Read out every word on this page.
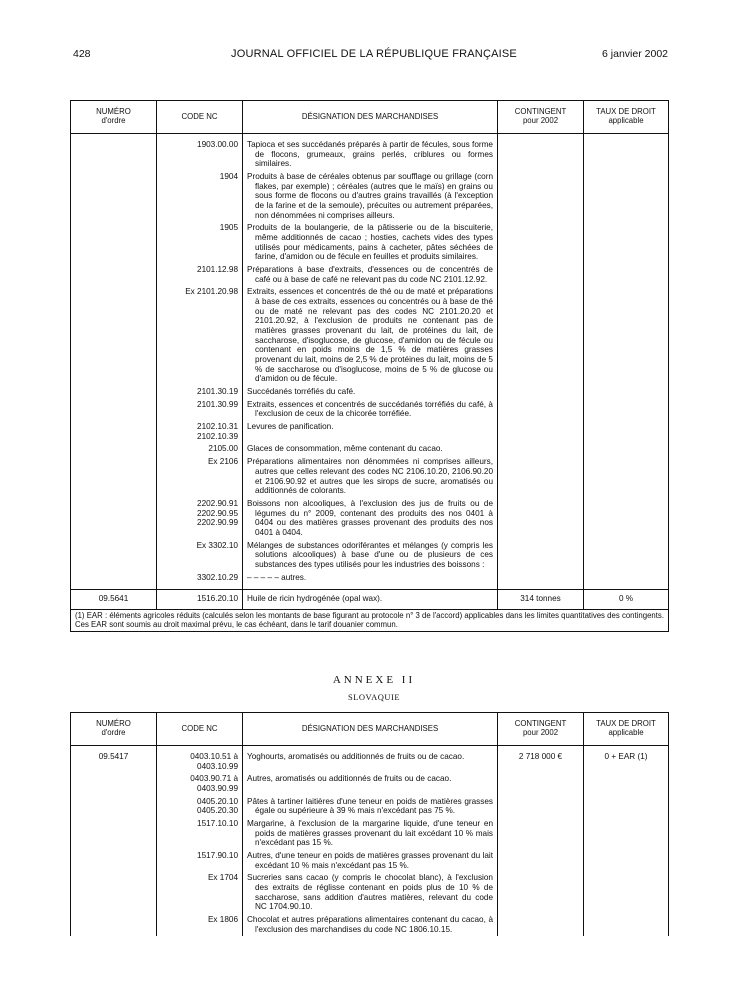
428	JOURNAL OFFICIEL DE LA RÉPUBLIQUE FRANÇAISE	6 janvier 2002
NUMÉRO
d'ordre	CODE NC	DÉSIGNATION DES MARCHANDISES	CONTINGENT
pour 2002	TAUX DE DROIT
applicable

	1903.00.00	Tapioca et ses succédanés préparés à partir de fécules, sous forme de flocons, grumeaux, grains perlés, criblures ou formes similaires.		

	1904	Produits à base de céréales obtenus par soufflage ou grillage (corn flakes, par exemple) ; céréales (autres que le maïs) en grains ou sous forme de flocons ou d'autres grains travaillés (à l'exception de la farine et de la semoule), précuites ou autrement préparées, non dénommées ni comprises ailleurs.		

	1905	Produits de la boulangerie, de la pâtisserie ou de la biscuiterie, même additionnés de cacao ; hosties, cachets vides des types utilisés pour médicaments, pains à cacheter, pâtes séchées de farine, d'amidon ou de fécule en feuilles et produits similaires.		

	2101.12.98	Préparations à base d'extraits, d'essences ou de concentrés de café ou à base de café ne relevant pas du code NC 2101.12.92.		

	Ex 2101.20.98	Extraits, essences et concentrés de thé ou de maté et préparations à base de ces extraits, essences ou concentrés ou à base de thé ou de maté ne relevant pas des codes NC 2101.20.20 et 2101.20.92, à l'exclusion de produits ne contenant pas de matières grasses provenant du lait, de protéines du lait, de saccharose, d'isoglucose, de glucose, d'amidon ou de fécule ou contenant en poids moins de 1,5 % de matières grasses provenant du lait, moins de 2,5 % de protéines du lait, moins de 5 % de saccharose ou d'isoglucose, moins de 5 % de glucose ou d'amidon ou de fécule.		

	2101.30.19	Succédanés torréfiés du café.		

	2101.30.99	Extraits, essences et concentrés de succédanés torréfiés du café, à l'exclusion de ceux de la chicorée torréfiée.		

	2102.10.31
2102.10.39	Levures de panification.		

	2105.00	Glaces de consommation, même contenant du cacao.		

	Ex 2106	Préparations alimentaires non dénommées ni comprises ailleurs, autres que celles relevant des codes NC 2106.10.20, 2106.90.20 et 2106.90.92 et autres que les sirops de sucre, aromatisés ou additionnés de colorants.		

	2202.90.91
2202.90.95
2202.90.99	Boissons non alcooliques, à l'exclusion des jus de fruits ou de légumes du n° 2009, contenant des produits des nos 0401 à 0404 ou des matières grasses provenant des produits des nos 0401 à 0404.		

	Ex 3302.10	Mélanges de substances odoriférantes et mélanges (y compris les solutions alcooliques) à base d'une ou de plusieurs de ces substances des types utilisés pour les industries des boissons :		

	3302.10.29	– – – – – autres.		

09.5641	1516.20.10	Huile de ricin hydrogénée (opal wax).	314 tonnes	0 %
(1) EAR : éléments agricoles réduits (calculés selon les montants de base figurant au protocole n° 3 de l'accord) applicables dans les limites quantitatives des contingents. Ces EAR sont soumis au droit maximal prévu, le cas échéant, dans le tarif douanier commun.				
ANNEXE II
SLOVAQUIE
NUMÉRO
d'ordre	CODE NC	DÉSIGNATION DES MARCHANDISES	CONTINGENT
pour 2002	TAUX DE DROIT
applicable

09.5417	0403.10.51 à
0403.10.99	Yoghourts, aromatisés ou additionnés de fruits ou de cacao.	2 718 000 €	0 + EAR (1)
	0403.90.71 à
0403.90.99	Autres, aromatisés ou additionnés de fruits ou de cacao.		

	0405.20.10
0405.20.30	Pâtes à tartiner laitières d'une teneur en poids de matières grasses égale ou supérieure à 39 % mais n'excédant pas 75 %.		

	1517.10.10	Margarine, à l'exclusion de la margarine liquide, d'une teneur en poids de matières grasses provenant du lait excédant 10 % mais n'excédant pas 15 %.		

	1517.90.10	Autres, d'une teneur en poids de matières grasses provenant du lait excédant 10 % mais n'excédant pas 15 %.		

	Ex 1704	Sucreries sans cacao (y compris le chocolat blanc), à l'exclusion des extraits de réglisse contenant en poids plus de 10 % de saccharose, sans addition d'autres matières, relevant du code NC 1704.90.10.		

	Ex 1806	Chocolat et autres préparations alimentaires contenant du cacao, à l'exclusion des marchandises du code NC 1806.10.15.		
